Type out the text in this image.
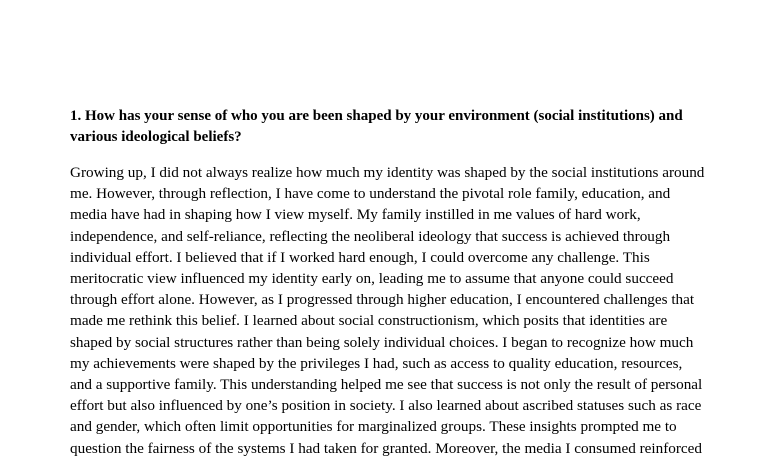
1. How has your sense of who you are been shaped by your environment (social institutions) and
various ideological beliefs?

Growing up, I did not always realize how much my identity was shaped by the social institutions around
me. However, through reflection, I have come to understand the pivotal role family, education, and
media have had in shaping how I view myself. My family instilled in me values of hard work,
independence, and self-reliance, reflecting the neoliberal ideology that success is achieved through
individual effort. I believed that if I worked hard enough, I could overcome any challenge. This
meritocratic view influenced my identity early on, leading me to assume that anyone could succeed
through effort alone. However, as I progressed through higher education, I encountered challenges that
made me rethink this belief. I learned about social constructionism, which posits that identities are
shaped by social structures rather than being solely individual choices. I began to recognize how much
my achievements were shaped by the privileges I had, such as access to quality education, resources,
and a supportive family. This understanding helped me see that success is not only the result of personal
effort but also influenced by one’s position in society. I also learned about ascribed statuses such as race
and gender, which often limit opportunities for marginalized groups. These insights prompted me to
question the fairness of the systems I had taken for granted. Moreover, the media I consumed reinforced
